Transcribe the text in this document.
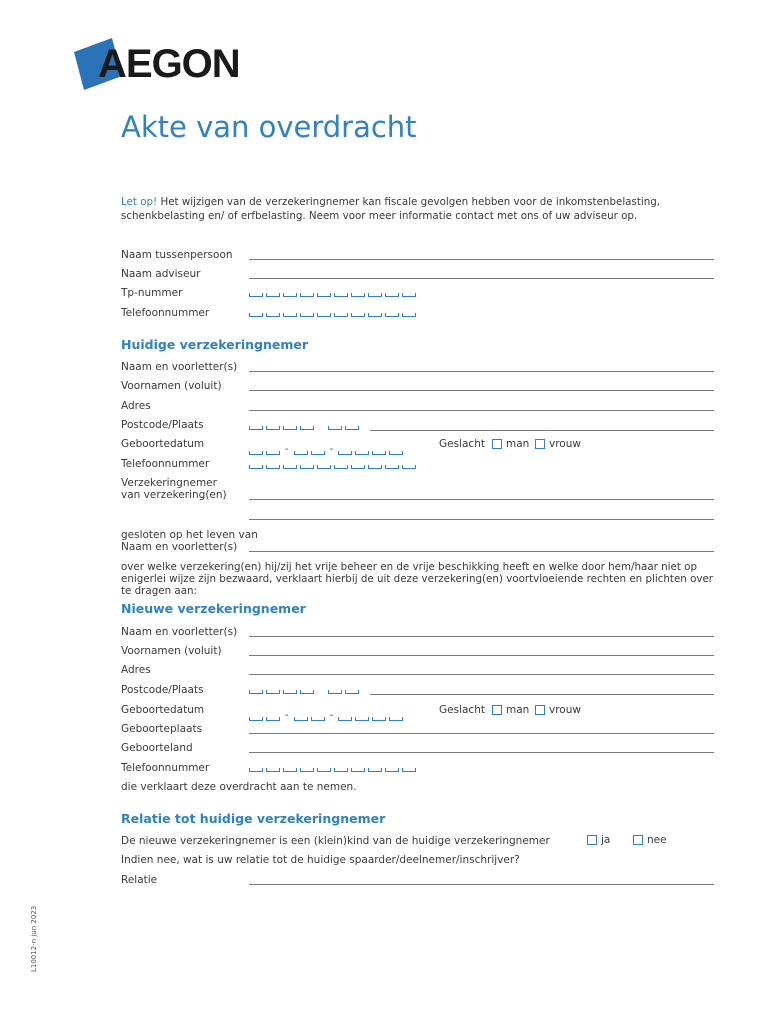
AEGON
Akte van overdracht
Let op! Het wijzigen van de verzekeringnemer kan fiscale gevolgen hebben voor de inkomstenbelasting, schenkbelasting en/ of erfbelasting. Neem voor meer informatie contact met ons of uw adviseur op.
Naam tussenpersoon
Naam adviseur
Tp-nummer
Telefoonnummer
Huidige verzekeringnemer
Naam en voorletter(s)
Voornamen (voluit)
Adres
Postcode/Plaats
Geboortedatum	-	-	Geslacht man vrouw
Telefoonnummer
Verzekeringnemer
van verzekering(en)
gesloten op het leven van
Naam en voorletter(s)
over welke verzekering(en) hij/zij het vrije beheer en de vrije beschikking heeft en welke door hem/haar niet op enigerlei wijze zijn bezwaard, verklaart hierbij de uit deze verzekering(en) voortvloeiende rechten en plichten over te dragen aan:
Nieuwe verzekeringnemer
Naam en voorletter(s)
Voornamen (voluit)
Adres
Postcode/Plaats
Geboortedatum	-	-	Geslacht man vrouw
Geboorteplaats
Geboorteland
Telefoonnummer
die verklaart deze overdracht aan te nemen.
Relatie tot huidige verzekeringnemer
De nieuwe verzekeringnemer is een (klein)kind van de huidige verzekeringnemer	ja	nee
Indien nee, wat is uw relatie tot de huidige spaarder/deelnemer/inschrijver?
Relatie
L10012-n jun 2023
